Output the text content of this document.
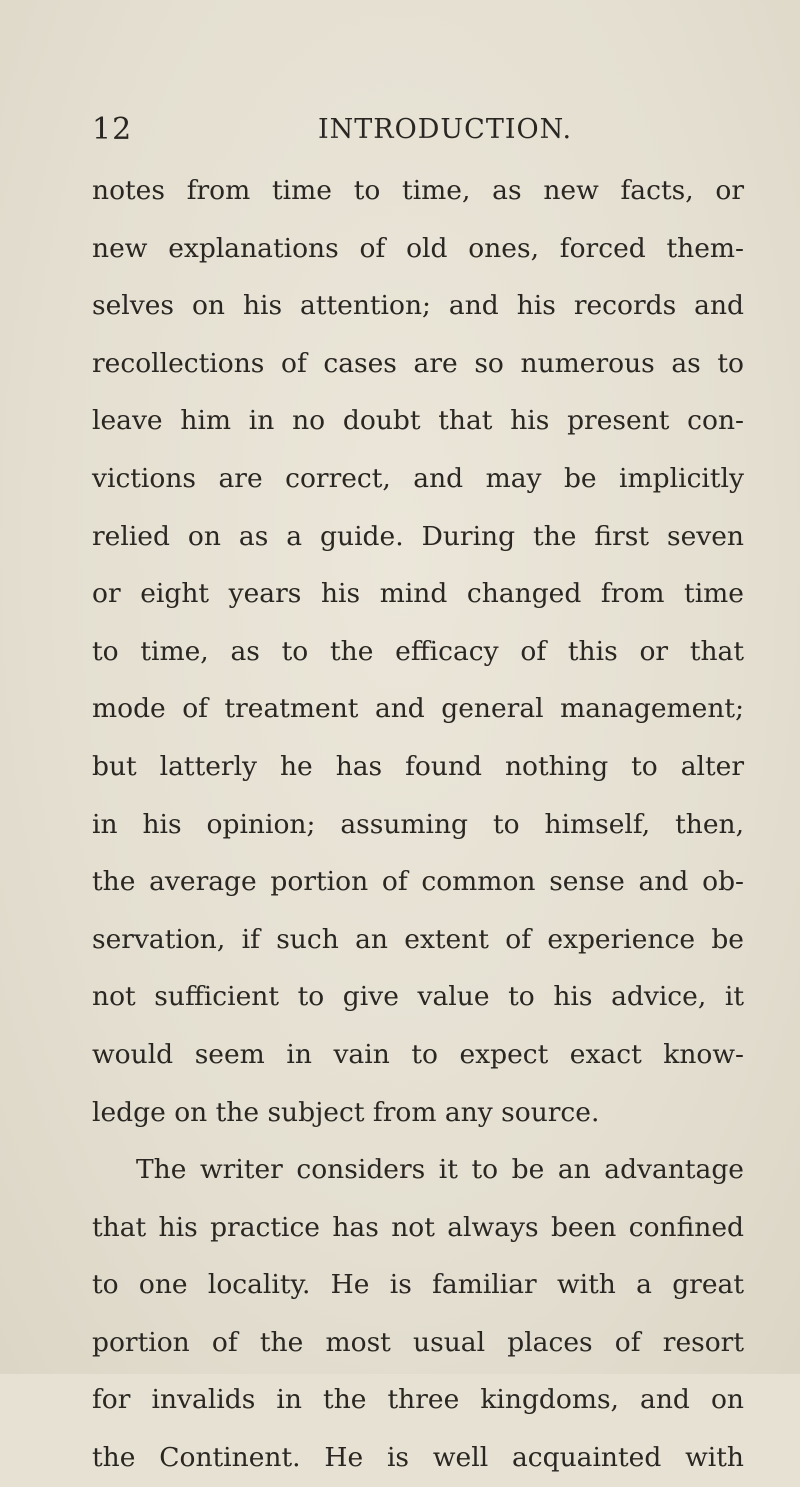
12	INTRODUCTION.
notes from time to time, as new facts, or
new explanations of old ones, forced them-
selves on his attention; and his records and
recollections of cases are so numerous as to
leave him in no doubt that his present con-
victions are correct, and may be implicitly
relied on as a guide. During the first seven
or eight years his mind changed from time
to time, as to the efficacy of this or that
mode of treatment and general management;
but latterly he has found nothing to alter
in his opinion; assuming to himself, then,
the average portion of common sense and ob-
servation, if such an extent of experience be
not sufficient to give value to his advice, it
would seem in vain to expect exact know-
ledge on the subject from any source.
The writer considers it to be an advantage
that his practice has not always been confined
to one locality. He is familiar with a great
portion of the most usual places of resort
for invalids in the three kingdoms, and on
the Continent. He is well acquainted with
